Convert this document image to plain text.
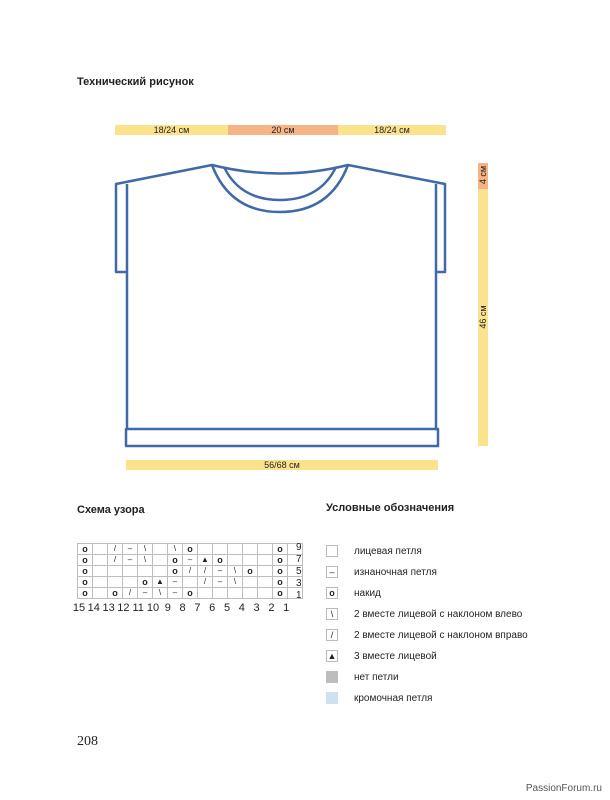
Технический рисунок
18/24 см	20 см	18/24 см
4 см
46 см
56/68 см
Схема узора	Условные обозначения
o		/	–	\		\	o						o	
o		/	–	\		o	–	▲	o				o	
o						o	/	/	–	\	o		o	
o				o	▲	–		/	–	\			o	
o		o	/	–	\	–	o						o	
9
7
5
3
1
15 14 13 12 11 10 9 8 7 6 5 4 3 2 1
лицевая петля
–	изнаночная петля
o	накид
\	2 вместе лицевой с наклоном влево
/	2 вместе лицевой с наклоном вправо
▲ 3 вместе лицевой
нет петли
кромочная петля
208
PassionForum.ru
